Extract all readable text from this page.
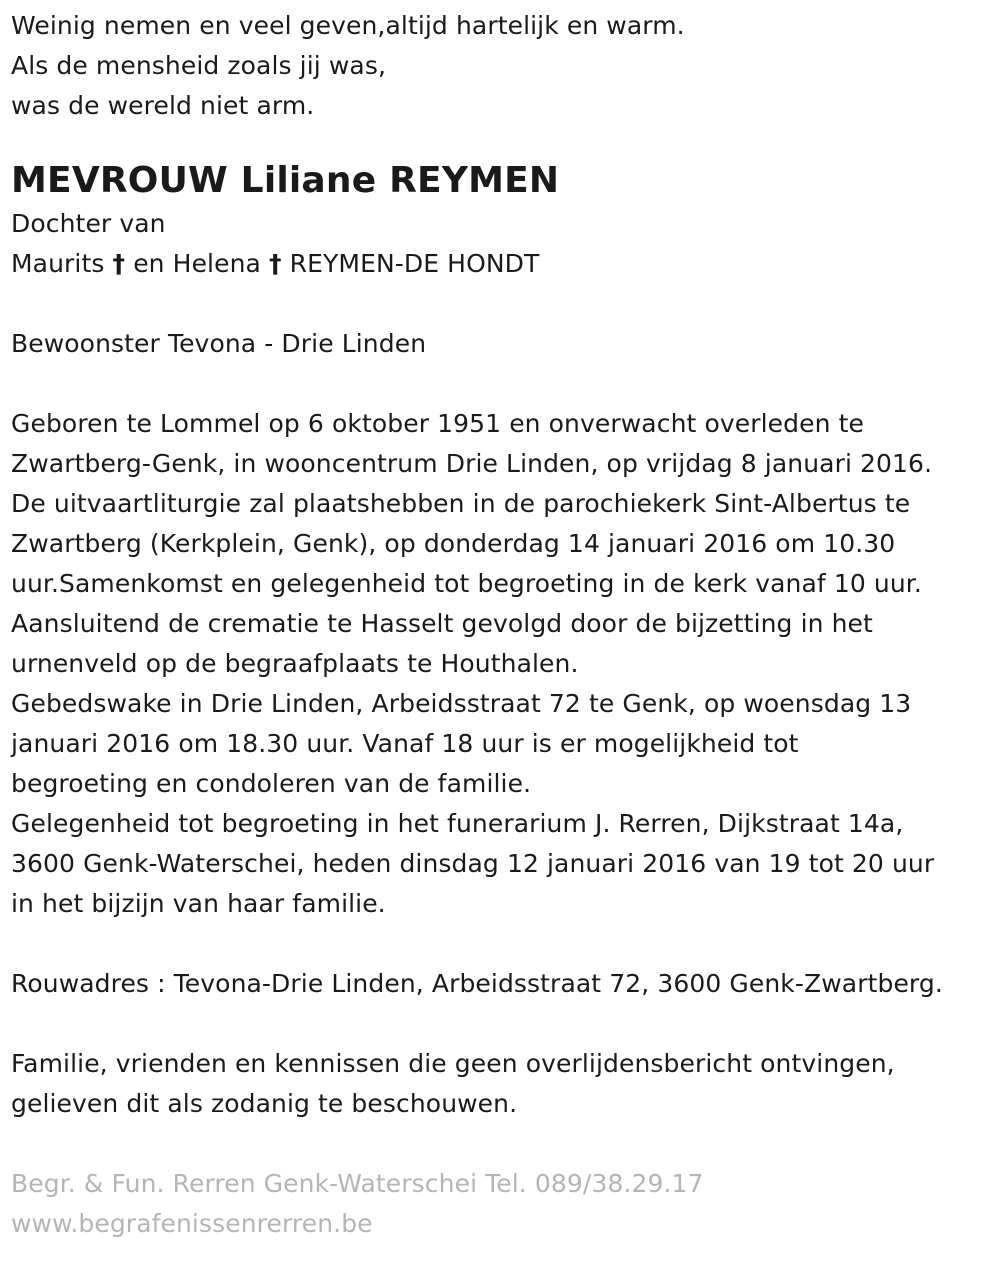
Weinig nemen en veel geven,altijd hartelijk en warm.
Als de mensheid zoals jij was,
was de wereld niet arm.
MEVROUW Liliane REYMEN
Dochter van
Maurits † en Helena † REYMEN-DE HONDT
Bewoonster Tevona - Drie Linden
Geboren te Lommel op 6 oktober 1951 en onverwacht overleden te
Zwartberg-Genk, in wooncentrum Drie Linden, op vrijdag 8 januari 2016.
De uitvaartliturgie zal plaatshebben in de parochiekerk Sint-Albertus te
Zwartberg (Kerkplein, Genk), op donderdag 14 januari 2016 om 10.30
uur.Samenkomst en gelegenheid tot begroeting in de kerk vanaf 10 uur.
Aansluitend de crematie te Hasselt gevolgd door de bijzetting in het
urnenveld op de begraafplaats te Houthalen.
Gebedswake in Drie Linden, Arbeidsstraat 72 te Genk, op woensdag 13
januari 2016 om 18.30 uur. Vanaf 18 uur is er mogelijkheid tot
begroeting en condoleren van de familie.
Gelegenheid tot begroeting in het funerarium J. Rerren, Dijkstraat 14a,
3600 Genk-Waterschei, heden dinsdag 12 januari 2016 van 19 tot 20 uur
in het bijzijn van haar familie.
Rouwadres : Tevona-Drie Linden, Arbeidsstraat 72, 3600 Genk-Zwartberg.
Familie, vrienden en kennissen die geen overlijdensbericht ontvingen,
gelieven dit als zodanig te beschouwen.
Begr. & Fun. Rerren Genk-Waterschei Tel. 089/38.29.17
www.begrafenissenrerren.be
